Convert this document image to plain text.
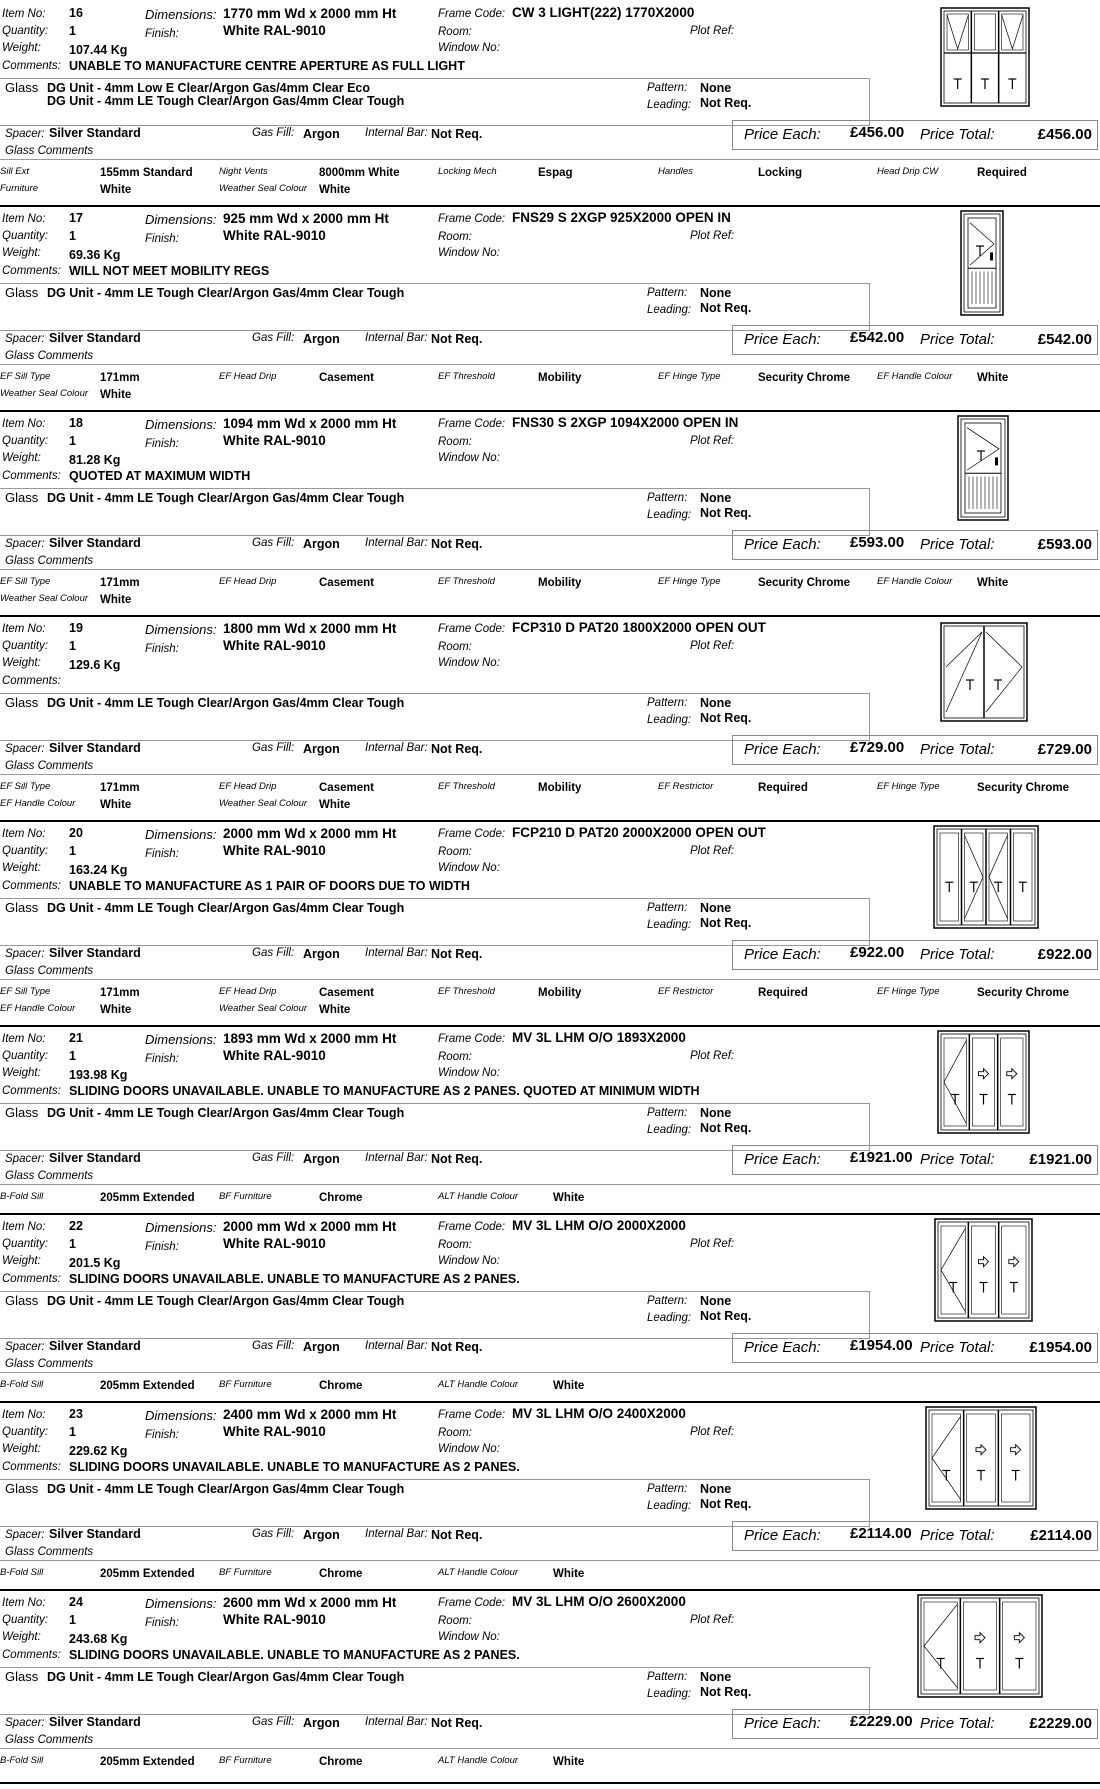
Item No: 16
Quantity: 1
Weight: 107.44 Kg
Comments: UNABLE TO MANUFACTURE CENTRE APERTURE AS FULL LIGHT
Dimensions: 1770 mm Wd x 2000 mm Ht
Finish:	White RAL-9010
Frame Code: CW 3 LIGHT(222) 1770X2000
Room:
Window No:
Plot Ref:
Glass DG Unit - 4mm Low E Clear/Argon Gas/4mm Clear Eco
DG Unit - 4mm LE Tough Clear/Argon Gas/4mm Clear Tough
Pattern: None
Leading: Not Req.
Spacer: Silver Standard	Gas Fill: Argon Internal Bar: Not Req.
Glass Comments
Price Each: £456.00 Price Total:	£456.00
Sill Ext	155mm Standard	Night Vents	8000mm White	Locking Mech	Espag	Handles	Locking	Head Drip CW	Required
Furniture	White	Weather Seal Colour White
Item No: 17
Quantity: 1
Weight: 69.36 Kg
Comments: WILL NOT MEET MOBILITY REGS
Dimensions: 925 mm Wd x 2000 mm Ht
Finish:	White RAL-9010
Frame Code: FNS29 S 2XGP 925X2000 OPEN IN
Room:
Window No:
Plot Ref:
Glass DG Unit - 4mm LE Tough Clear/Argon Gas/4mm Clear Tough	Pattern: None
Leading: Not Req.
Spacer: Silver Standard	Gas Fill: Argon Internal Bar: Not Req.
Glass Comments
Price Each: £542.00 Price Total:	£542.00
EF Sill Type	171mm	EF Head Drip	Casement	EF Threshold	Mobility	EF Hinge Type	Security Chrome	EF Handle Colour White
Weather Seal Colour White
Item No: 18
Quantity: 1
Weight: 81.28 Kg
Comments: QUOTED AT MAXIMUM WIDTH
Dimensions: 1094 mm Wd x 2000 mm Ht
Finish:	White RAL-9010
Frame Code: FNS30 S 2XGP 1094X2000 OPEN IN
Room:
Window No:
Plot Ref:
Glass DG Unit - 4mm LE Tough Clear/Argon Gas/4mm Clear Tough	Pattern: None
Leading: Not Req.
Spacer: Silver Standard	Gas Fill: Argon Internal Bar: Not Req.
Glass Comments
Price Each: £593.00 Price Total:	£593.00
EF Sill Type	171mm	EF Head Drip	Casement	EF Threshold	Mobility	EF Hinge Type	Security Chrome	EF Handle Colour White
Weather Seal Colour White
Item No: 19
Quantity: 1
Weight: 129.6 Kg
Comments:
Dimensions: 1800 mm Wd x 2000 mm Ht
Finish:	White RAL-9010
Frame Code: FCP310 D PAT20 1800X2000 OPEN OUT
Room:
Window No:
Plot Ref:
Glass DG Unit - 4mm LE Tough Clear/Argon Gas/4mm Clear Tough	Pattern: None
Leading: Not Req.
Spacer: Silver Standard	Gas Fill: Argon Internal Bar: Not Req.
Glass Comments
Price Each: £729.00 Price Total:	£729.00
EF Sill Type	171mm	EF Head Drip	Casement	EF Threshold	Mobility	EF Restrictor	Required	EF Hinge Type	Security Chrome
EF Handle Colour White	Weather Seal Colour White
Item No: 20
Quantity: 1
Weight: 163.24 Kg
Comments: UNABLE TO MANUFACTURE AS 1 PAIR OF DOORS DUE TO WIDTH
Dimensions: 2000 mm Wd x 2000 mm Ht
Finish:	White RAL-9010
Frame Code: FCP210 D PAT20 2000X2000 OPEN OUT
Room:
Window No:
Plot Ref:
Glass DG Unit - 4mm LE Tough Clear/Argon Gas/4mm Clear Tough	Pattern: None
Leading: Not Req.
Spacer: Silver Standard	Gas Fill: Argon Internal Bar: Not Req.
Glass Comments
Price Each: £922.00 Price Total:	£922.00
EF Sill Type	171mm	EF Head Drip	Casement	EF Threshold	Mobility	EF Restrictor	Required	EF Hinge Type	Security Chrome
EF Handle Colour White	Weather Seal Colour White
Item No: 21
Quantity: 1
Weight: 193.98 Kg
Comments: SLIDING DOORS UNAVAILABLE. UNABLE TO MANUFACTURE AS 2 PANES. QUOTED AT MINIMUM WIDTH
Dimensions: 1893 mm Wd x 2000 mm Ht
Finish:	White RAL-9010
Frame Code: MV 3L LHM O/O 1893X2000
Room:
Window No:
Plot Ref:
Glass DG Unit - 4mm LE Tough Clear/Argon Gas/4mm Clear Tough	Pattern: None
Leading: Not Req.
Spacer: Silver Standard	Gas Fill: Argon Internal Bar: Not Req.
Glass Comments
Price Each: £1921.00 Price Total: £1921.00
B-Fold Sill	205mm Extended	BF Furniture	Chrome	ALT Handle Colour	White
Item No: 22
Quantity: 1
Weight: 201.5 Kg
Comments: SLIDING DOORS UNAVAILABLE. UNABLE TO MANUFACTURE AS 2 PANES.
Dimensions: 2000 mm Wd x 2000 mm Ht
Finish:	White RAL-9010
Frame Code: MV 3L LHM O/O 2000X2000
Room:
Window No:
Plot Ref:
Glass DG Unit - 4mm LE Tough Clear/Argon Gas/4mm Clear Tough	Pattern: None
Leading: Not Req.
Spacer: Silver Standard	Gas Fill: Argon Internal Bar: Not Req.
Glass Comments
Price Each: £1954.00 Price Total: £1954.00
B-Fold Sill	205mm Extended	BF Furniture	Chrome	ALT Handle Colour	White
Item No: 23
Quantity: 1
Weight: 229.62 Kg
Comments: SLIDING DOORS UNAVAILABLE. UNABLE TO MANUFACTURE AS 2 PANES.
Dimensions: 2400 mm Wd x 2000 mm Ht
Finish:	White RAL-9010
Frame Code: MV 3L LHM O/O 2400X2000
Room:
Window No:
Plot Ref:
Glass DG Unit - 4mm LE Tough Clear/Argon Gas/4mm Clear Tough	Pattern: None
Leading: Not Req.
Spacer: Silver Standard	Gas Fill: Argon Internal Bar: Not Req.
Glass Comments
Price Each: £2114.00 Price Total: £2114.00
B-Fold Sill	205mm Extended	BF Furniture	Chrome	ALT Handle Colour	White
Item No: 24
Quantity: 1
Weight: 243.68 Kg
Comments: SLIDING DOORS UNAVAILABLE. UNABLE TO MANUFACTURE AS 2 PANES.
Dimensions: 2600 mm Wd x 2000 mm Ht
Finish:	White RAL-9010
Frame Code: MV 3L LHM O/O 2600X2000
Room:
Window No:
Plot Ref:
Glass DG Unit - 4mm LE Tough Clear/Argon Gas/4mm Clear Tough	Pattern: None
Leading: Not Req.
Spacer: Silver Standard	Gas Fill: Argon Internal Bar: Not Req.
Glass Comments
Price Each: £2229.00 Price Total: £2229.00
B-Fold Sill	205mm Extended	BF Furniture	Chrome	ALT Handle Colour	White
